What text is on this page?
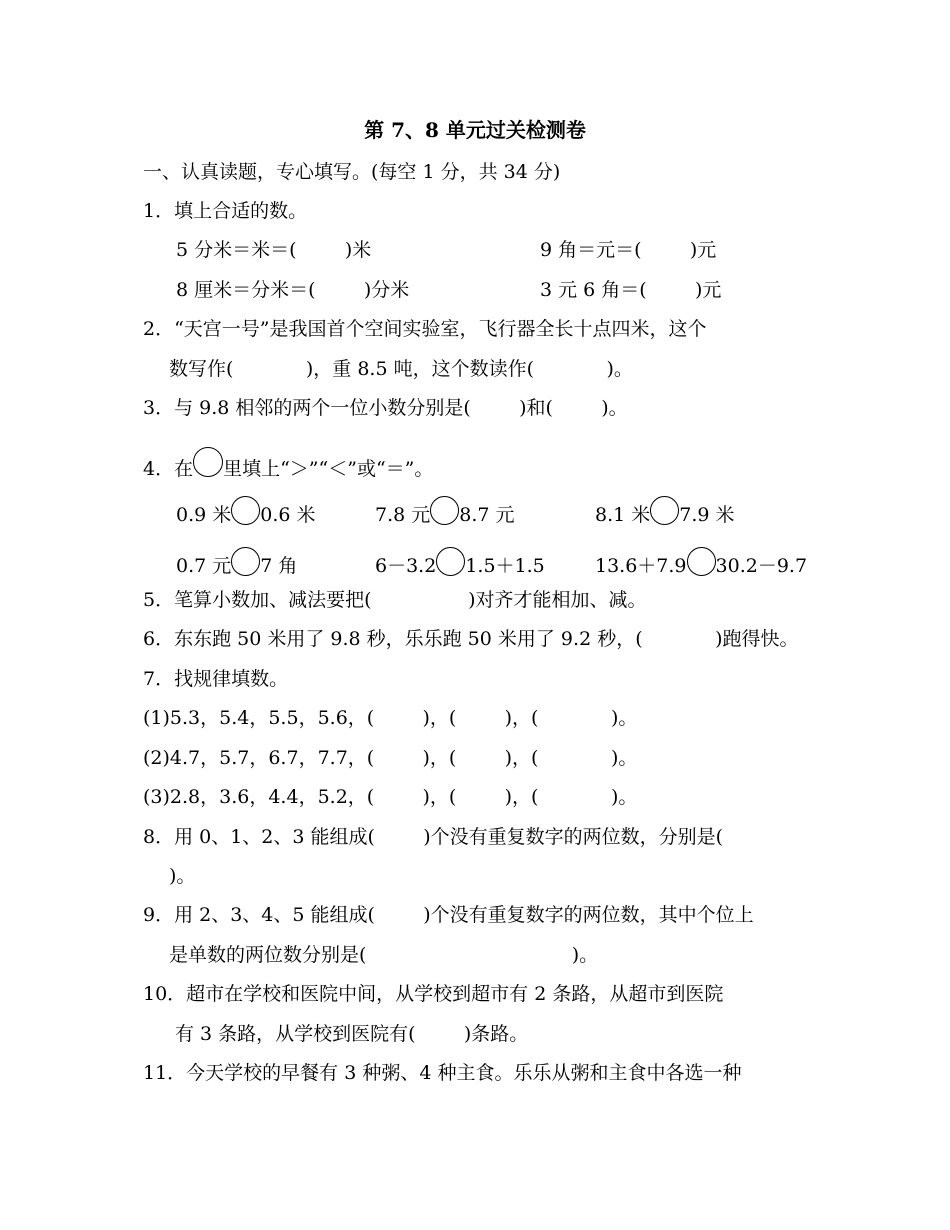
第 7、8 单元过关检测卷
一、认真读题，专心填写。(每空 1 分，共 34 分)
1．填上合适的数。
5 分米＝米＝(        )米	9 角＝元＝(        )元
8 厘米＝分米＝(        )分米	3 元 6 角＝(        )元
2．“天宫一号”是我国首个空间实验室，飞行器全长十点四米，这个
数写作(            )，重 8.5 吨，这个数读作(            )。
3．与 9.8 相邻的两个一位小数分别是(        )和(        )。
4．在 里填上“＞”“＜”或“＝”。
0.9 米 0.6 米	7.8 元 8.7 元	8.1 米 7.9 米
0.7 元 7 角	6－3.2 1.5＋1.5	13.6＋7.9 30.2－9.7
5．笔算小数加、减法要把(                )对齐才能相加、减。
6．东东跑 50 米用了 9.8 秒，乐乐跑 50 米用了 9.2 秒，(            )跑得快。
7．找规律填数。
(1)5.3，5.4，5.5，5.6，(        )，(        )，(            )。
(2)4.7，5.7，6.7，7.7，(        )，(        )，(            )。
(3)2.8，3.6，4.4，5.2，(        )，(        )，(            )。
8．用 0、1、2、3 能组成(        )个没有重复数字的两位数，分别是(
)。
9．用 2、3、4、5 能组成(        )个没有重复数字的两位数，其中个位上
是单数的两位数分别是(                                  )。
10．超市在学校和医院中间，从学校到超市有 2 条路，从超市到医院
有 3 条路，从学校到医院有(        )条路。
11．今天学校的早餐有 3 种粥、4 种主食。乐乐从粥和主食中各选一种
